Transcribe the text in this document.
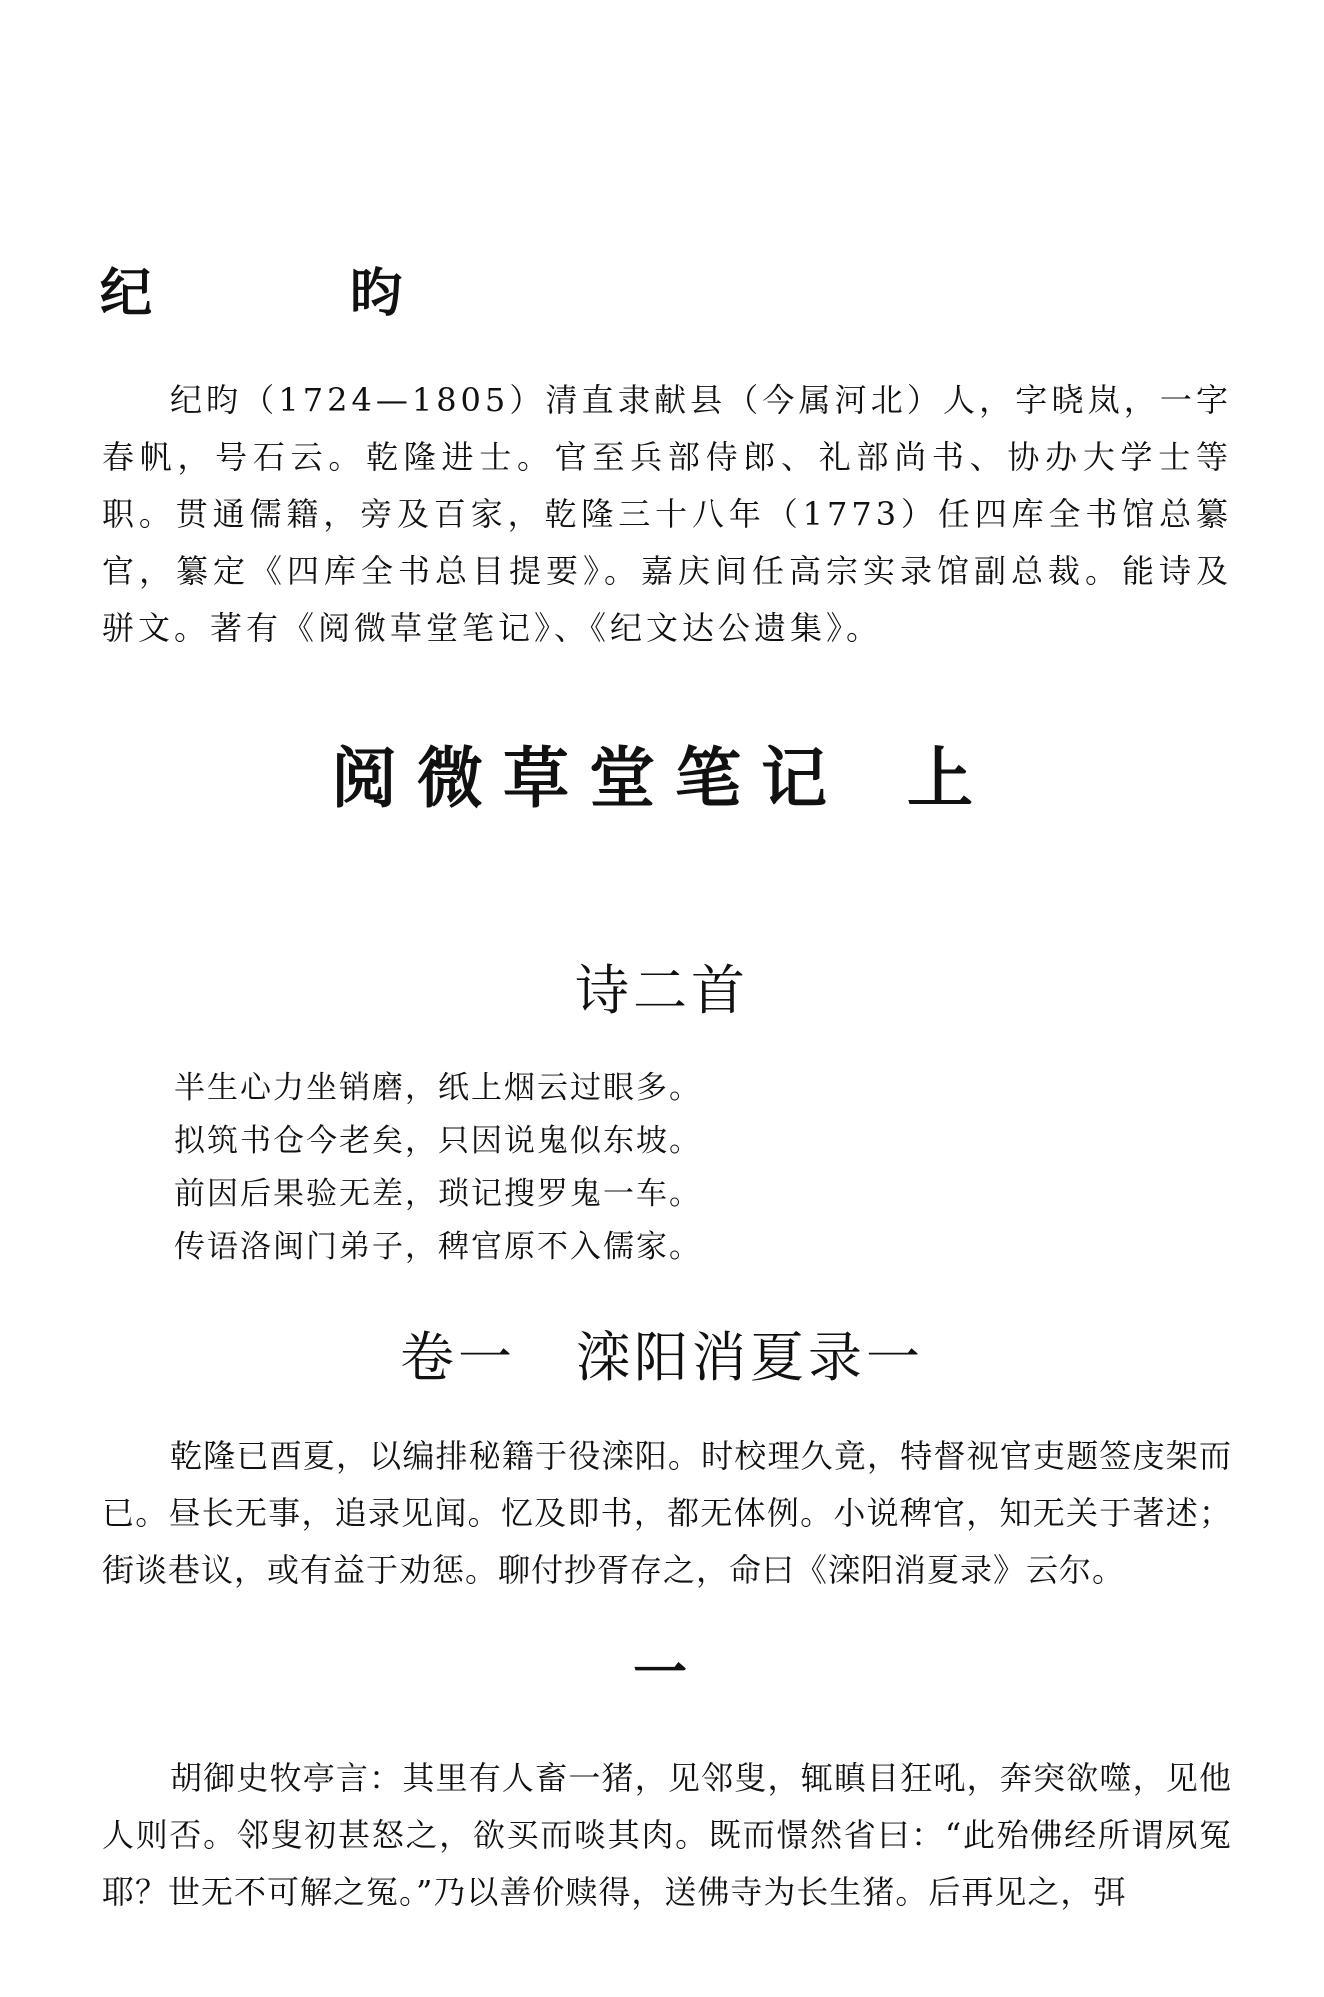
纪 昀

纪昀（1724—1805）清直隶献县（今属河北）人，字晓岚，一字春帆，号石云。乾隆进士。官至兵部侍郎、礼部尚书、协办大学士等职。贯通儒籍，旁及百家，乾隆三十八年（1773）任四库全书馆总纂官，纂定《四库全书总目提要》。嘉庆间任高宗实录馆副总裁。能诗及骈文。著有《阅微草堂笔记》、《纪文达公遗集》。

阅微草堂笔记 上
诗二首
半生心力坐销磨，纸上烟云过眼多。
拟筑书仓今老矣，只因说鬼似东坡。
前因后果验无差，琐记搜罗鬼一车。
传语洛闽门弟子，稗官原不入儒家。
卷一 滦阳消夏录一

乾隆已酉夏，以编排秘籍于役滦阳。时校理久竟，特督视官吏题签庋架而已。昼长无事，追录见闻。忆及即书，都无体例。小说稗官，知无关于著述；街谈巷议，或有益于劝惩。聊付抄胥存之，命曰《滦阳消夏录》云尔。

一

胡御史牧亭言：其里有人畜一猪，见邻叟，辄瞋目狂吼，奔突欲噬，见他人则否。邻叟初甚怒之，欲买而啖其肉。既而憬然省曰：“此殆佛经所谓夙冤耶？世无不可解之冤。”乃以善价赎得，送佛寺为长生猪。后再见之，弭
